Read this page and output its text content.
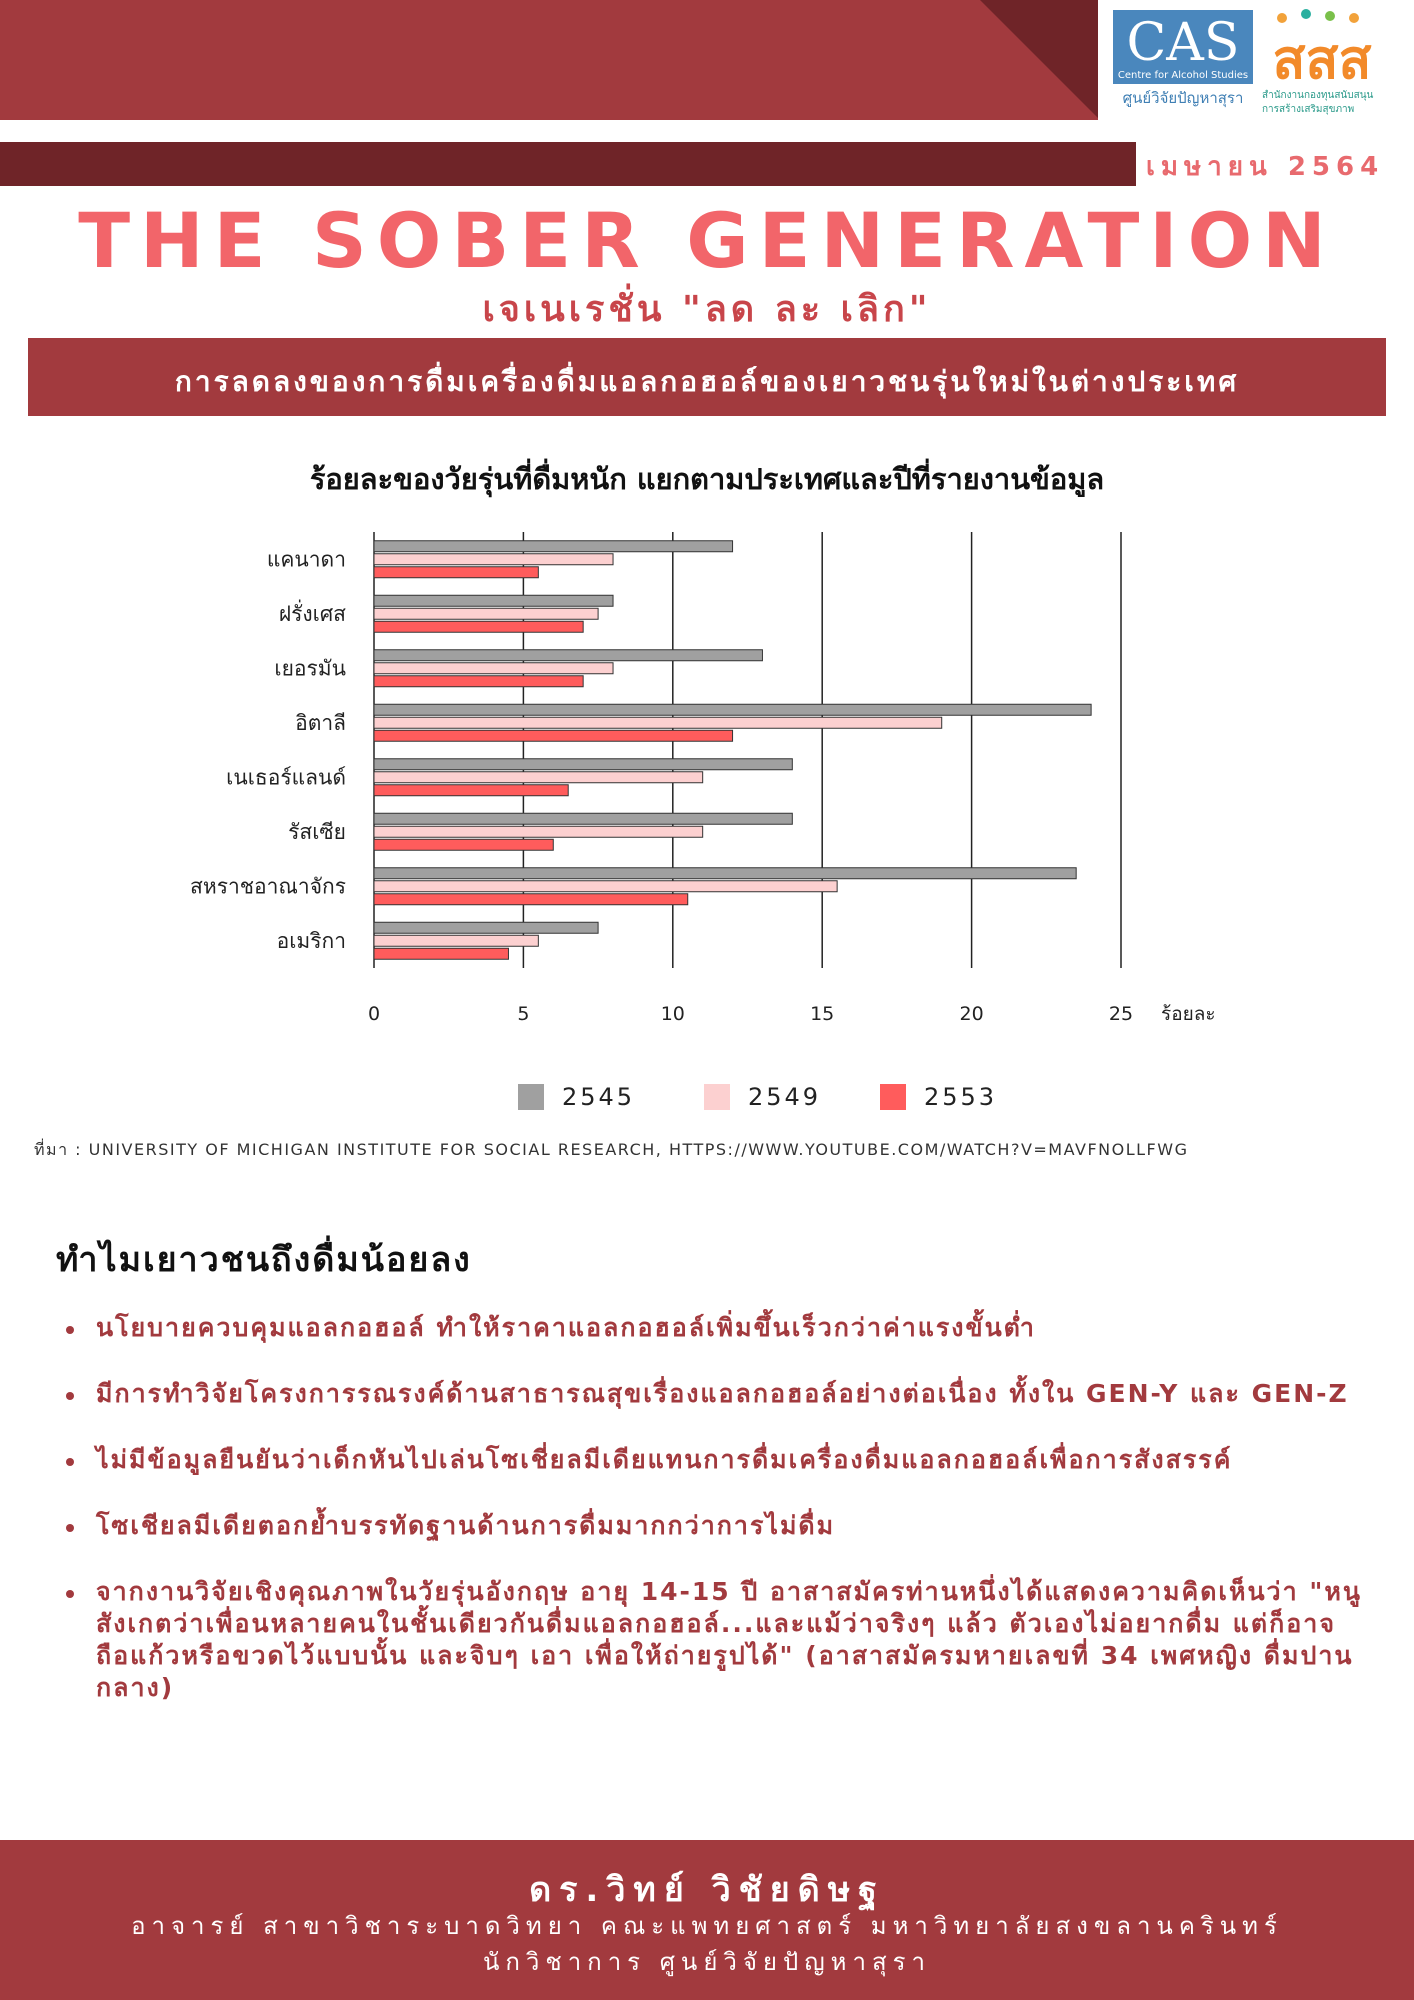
CAS
Centre for Alcohol Studies
ศูนย์วิจัยปัญหาสุรา
สสส
สำนักงานกองทุนสนับสนุน
การสร้างเสริมสุขภาพ
เมษายน 2564
THE SOBER GENERATION
เจเนเรชั่น "ลด ละ เลิก"
การลดลงของการดื่มเครื่องดื่มแอลกอฮอล์ของเยาวชนรุ่นใหม่ในต่างประเทศ
ร้อยละของวัยรุ่นที่ดื่มหนัก แยกตามประเทศและปีที่รายงานข้อมูล
แคนาดา
ฝรั่งเศส
เยอรมัน
อิตาลี
เนเธอร์แลนด์
รัสเซีย
สหราชอาณาจักร
อเมริกา
0	5	10	15	20	25 ร้อยละ
2545	2549	2553
ที่มา : UNIVERSITY OF MICHIGAN INSTITUTE FOR SOCIAL RESEARCH, HTTPS://WWW.YOUTUBE.COM/WATCH?V=MAVFNOLLFWG
ทำไมเยาวชนถึงดื่มน้อยลง
นโยบายควบคุมแอลกอฮอล์ ทำให้ราคาแอลกอฮอล์เพิ่มขึ้นเร็วกว่าค่าแรงขั้นต่ำ
มีการทำวิจัยโครงการรณรงค์ด้านสาธารณสุขเรื่องแอลกอฮอล์อย่างต่อเนื่อง ทั้งใน GEN-Y และ GEN-Z
ไม่มีข้อมูลยืนยันว่าเด็กหันไปเล่นโซเชี่ยลมีเดียแทนการดื่มเครื่องดื่มแอลกอฮอล์เพื่อการสังสรรค์
โซเชียลมีเดียตอกย้ำบรรทัดฐานด้านการดื่มมากกว่าการไม่ดื่ม
จากงานวิจัยเชิงคุณภาพในวัยรุ่นอังกฤษ อายุ 14-15 ปี อาสาสมัครท่านหนึ่งได้แสดงความคิดเห็นว่า "หนูสังเกตว่าเพื่อนหลายคนในชั้นเดียวกันดื่มแอลกอฮอล์...และแม้ว่าจริงๆ แล้ว ตัวเองไม่อยากดื่ม แต่ก็อาจถือแก้วหรือขวดไว้แบบนั้น และจิบๆ เอา เพื่อให้ถ่ายรูปได้" (อาสาสมัครมหายเลขที่ 34 เพศหญิง ดื่มปานกลาง)
ดร.วิทย์ วิชัยดิษฐ
อาจารย์ สาขาวิชาระบาดวิทยา คณะแพทยศาสตร์ มหาวิทยาลัยสงขลานครินทร์
นักวิชาการ ศูนย์วิจัยปัญหาสุรา
